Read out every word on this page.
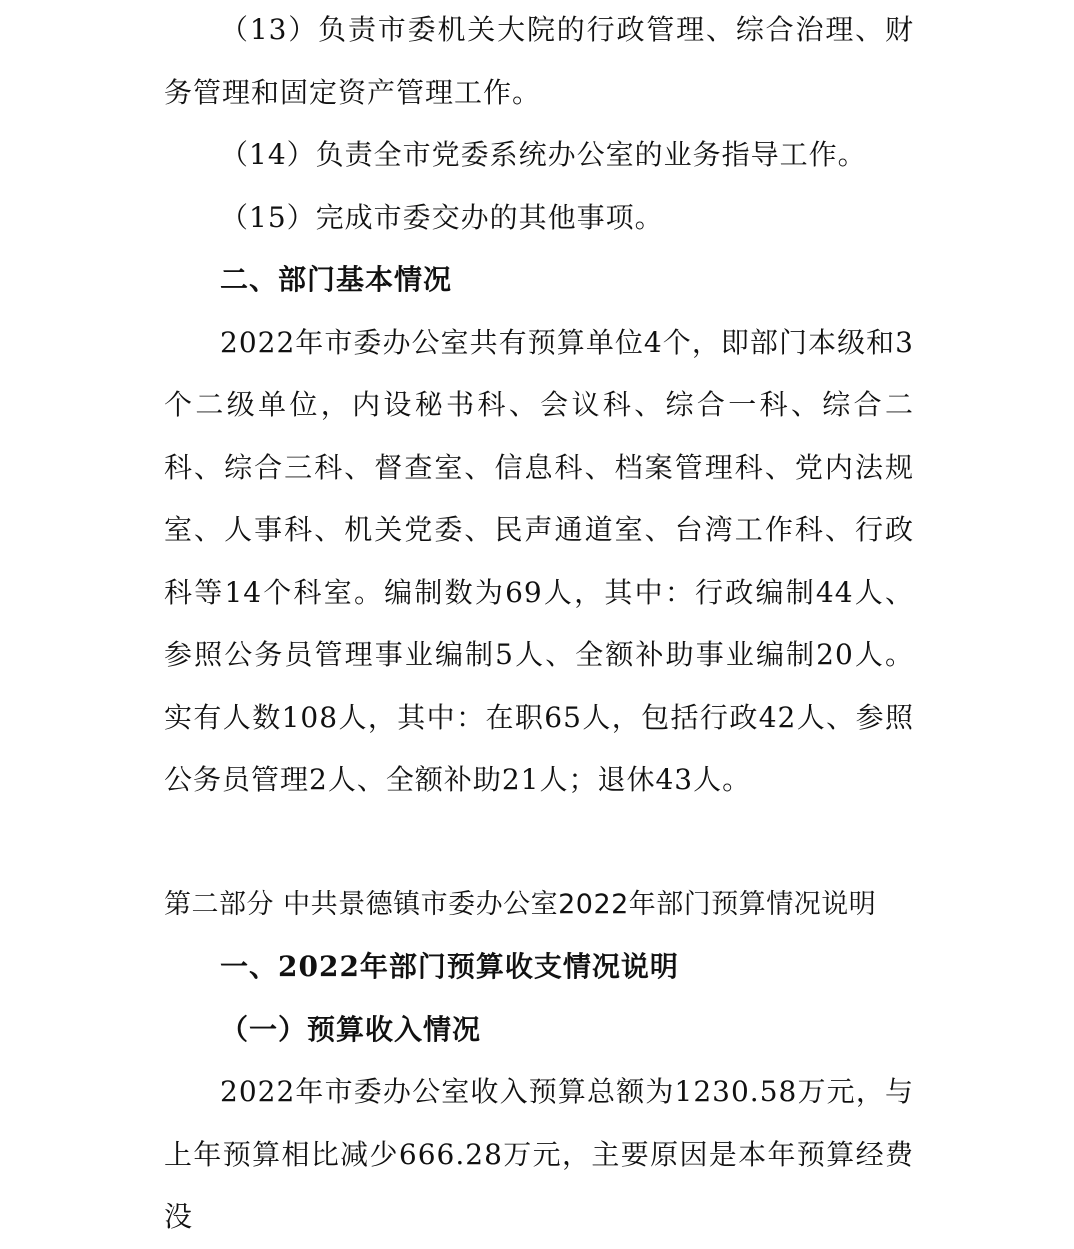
（13）负责市委机关大院的行政管理、综合治理、财务管理和固定资产管理工作。

（14）负责全市党委系统办公室的业务指导工作。

（15）完成市委交办的其他事项。

二、部门基本情况

2022年市委办公室共有预算单位4个，即部门本级和3个二级单位，内设秘书科、会议科、综合一科、综合二科、综合三科、督查室、信息科、档案管理科、党内法规室、人事科、机关党委、民声通道室、台湾工作科、行政科等14个科室。编制数为69人，其中：行政编制44人、参照公务员管理事业编制5人、全额补助事业编制20人。实有人数108人，其中：在职65人，包括行政42人、参照公务员管理2人、全额补助21人；退休43人。

第二部分 中共景德镇市委办公室2022年部门预算情况说明

一、2022年部门预算收支情况说明

（一）预算收入情况

2022年市委办公室收入预算总额为1230.58万元，与上年预算相比减少666.28万元，主要原因是本年预算经费没
